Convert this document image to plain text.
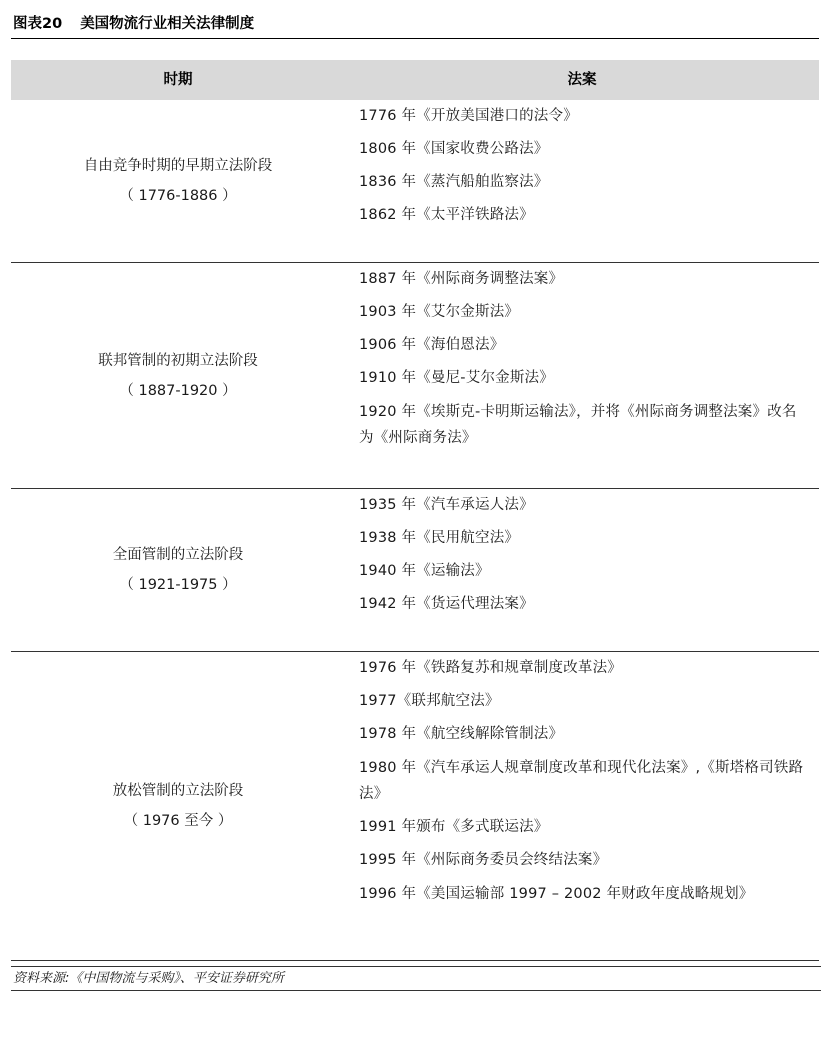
图表20 美国物流行业相关法律制度
时期	法案
自由竞争时期的早期立法阶段
（ 1776-1886 ）
1776 年《开放美国港口的法令》
1806 年《国家收费公路法》
1836 年《蒸汽船舶监察法》
1862 年《太平洋铁路法》
联邦管制的初期立法阶段
（ 1887-1920 ）
1887 年《州际商务调整法案》
1903 年《艾尔金斯法》
1906 年《海伯恩法》
1910 年《曼尼-艾尔金斯法》
1920 年《埃斯克-卡明斯运输法》，并将《州际商务调整法案》改名为《州际商务法》
全面管制的立法阶段
（ 1921-1975 ）
1935 年《汽车承运人法》
1938 年《民用航空法》
1940 年《运输法》
1942 年《货运代理法案》
放松管制的立法阶段
（ 1976 至今 ）
1976 年《铁路复苏和规章制度改革法》
1977《联邦航空法》
1978 年《航空线解除管制法》
1980 年《汽车承运人规章制度改革和现代化法案》,《斯塔格司铁路法》
1991 年颁布《多式联运法》
1995 年《州际商务委员会终结法案》
1996 年《美国运输部 1997 – 2002 年财政年度战略规划》
资料来源:《中国物流与采购》、平安证券研究所
